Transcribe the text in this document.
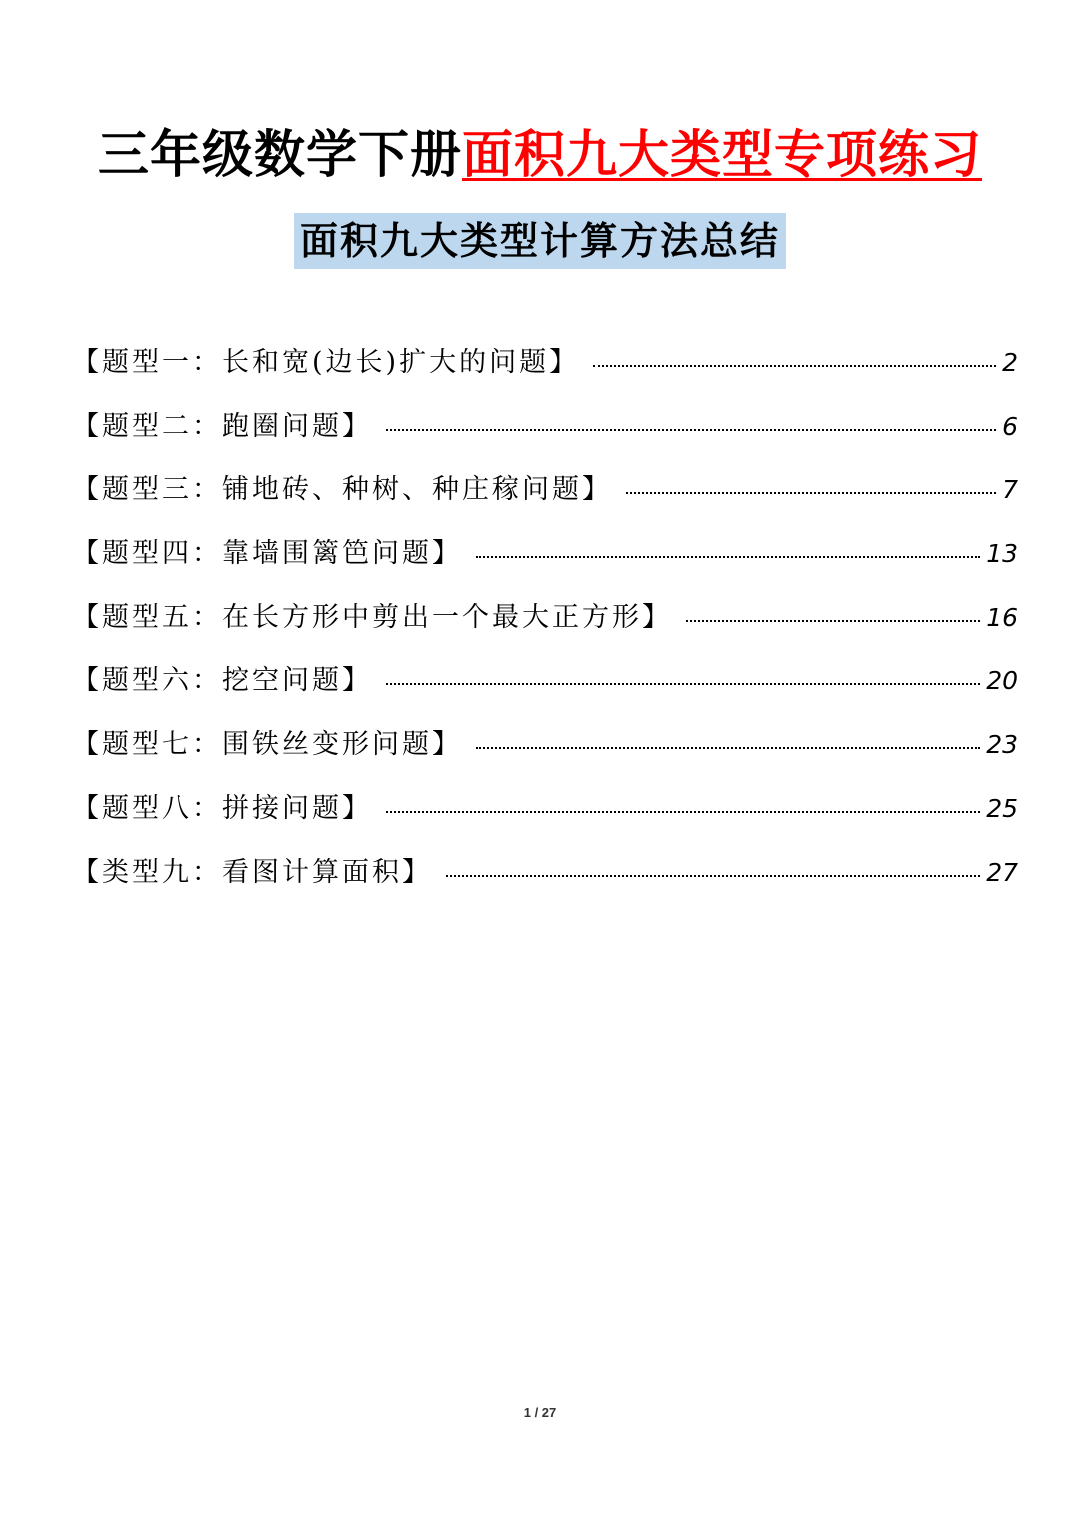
三年级数学下册面积九大类型专项练习
面积九大类型计算方法总结
【题型一：长和宽(边长)扩大的问题】	2
【题型二：跑圈问题】	6
【题型三：铺地砖、种树、种庄稼问题】	7
【题型四：靠墙围篱笆问题】	13
【题型五：在长方形中剪出一个最大正方形】	16
【题型六：挖空问题】	20
【题型七：围铁丝变形问题】	23
【题型八：拼接问题】	25
【类型九：看图计算面积】	27
1 / 27
